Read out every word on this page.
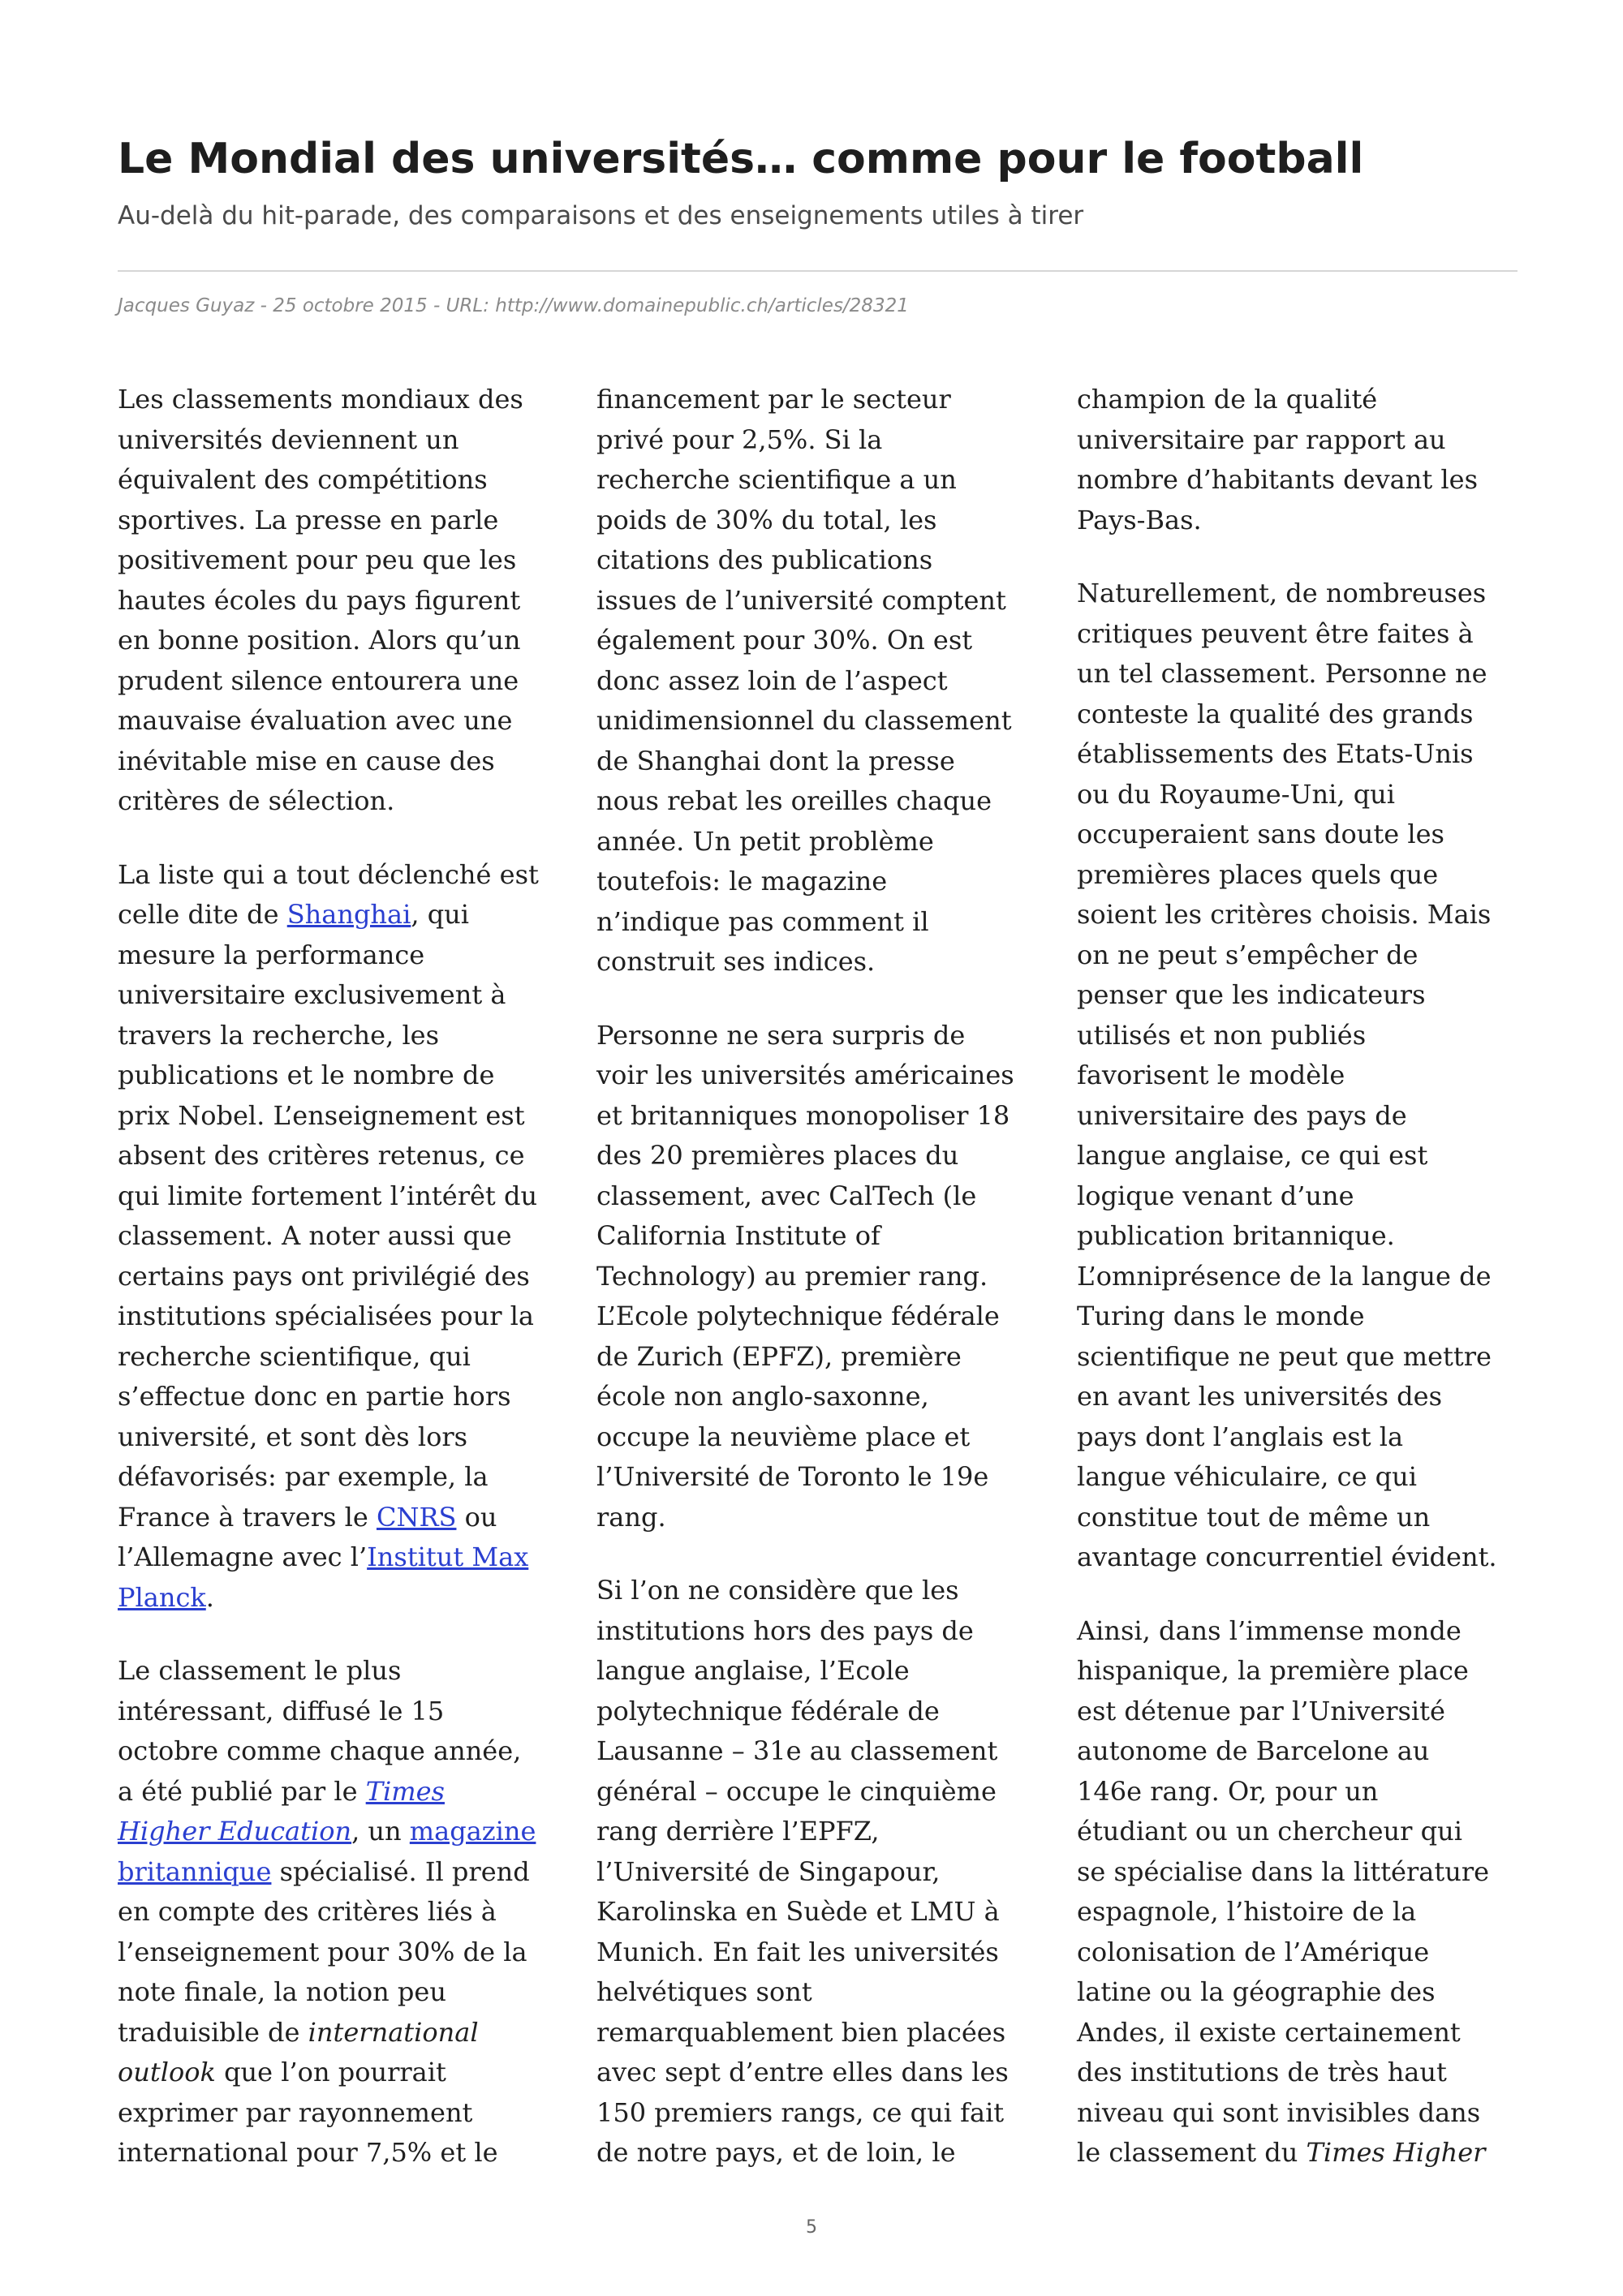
Le Mondial des universités… comme pour le football
Au-delà du hit-parade, des comparaisons et des enseignements utiles à tirer
Jacques Guyaz - 25 octobre 2015 - URL: http://www.domainepublic.ch/articles/28321

Les classements mondiaux des
universités deviennent un
équivalent des compétitions
sportives. La presse en parle
positivement pour peu que les
hautes écoles du pays figurent
en bonne position. Alors qu’un
prudent silence entourera une
mauvaise évaluation avec une
inévitable mise en cause des
critères de sélection.

La liste qui a tout déclenché est
celle dite de Shanghai, qui
mesure la performance
universitaire exclusivement à
travers la recherche, les
publications et le nombre de
prix Nobel. L’enseignement est
absent des critères retenus, ce
qui limite fortement l’intérêt du
classement. A noter aussi que
certains pays ont privilégié des
institutions spécialisées pour la
recherche scientifique, qui
s’effectue donc en partie hors
université, et sont dès lors
défavorisés: par exemple, la
France à travers le CNRS ou
l’Allemagne avec l’Institut Max
Planck.

Le classement le plus
intéressant, diffusé le 15
octobre comme chaque année,
a été publié par le Times
Higher Education, un magazine
britannique spécialisé. Il prend
en compte des critères liés à
l’enseignement pour 30% de la
note finale, la notion peu
traduisible de international
outlook que l’on pourrait
exprimer par rayonnement
international pour 7,5% et le

financement par le secteur
privé pour 2,5%. Si la
recherche scientifique a un
poids de 30% du total, les
citations des publications
issues de l’université comptent
également pour 30%. On est
donc assez loin de l’aspect
unidimensionnel du classement
de Shanghai dont la presse
nous rebat les oreilles chaque
année. Un petit problème
toutefois: le magazine
n’indique pas comment il
construit ses indices.

Personne ne sera surpris de
voir les universités américaines
et britanniques monopoliser 18
des 20 premières places du
classement, avec CalTech (le
California Institute of
Technology) au premier rang.
L’Ecole polytechnique fédérale
de Zurich (EPFZ), première
école non anglo-saxonne,
occupe la neuvième place et
l’Université de Toronto le 19e
rang.

Si l’on ne considère que les
institutions hors des pays de
langue anglaise, l’Ecole
polytechnique fédérale de
Lausanne – 31e au classement
général – occupe le cinquième
rang derrière l’EPFZ,
l’Université de Singapour,
Karolinska en Suède et LMU à
Munich. En fait les universités
helvétiques sont
remarquablement bien placées
avec sept d’entre elles dans les
150 premiers rangs, ce qui fait
de notre pays, et de loin, le

champion de la qualité
universitaire par rapport au
nombre d’habitants devant les
Pays-Bas.

Naturellement, de nombreuses
critiques peuvent être faites à
un tel classement. Personne ne
conteste la qualité des grands
établissements des Etats-Unis
ou du Royaume-Uni, qui
occuperaient sans doute les
premières places quels que
soient les critères choisis. Mais
on ne peut s’empêcher de
penser que les indicateurs
utilisés et non publiés
favorisent le modèle
universitaire des pays de
langue anglaise, ce qui est
logique venant d’une
publication britannique.
L’omniprésence de la langue de
Turing dans le monde
scientifique ne peut que mettre
en avant les universités des
pays dont l’anglais est la
langue véhiculaire, ce qui
constitue tout de même un
avantage concurrentiel évident.

Ainsi, dans l’immense monde
hispanique, la première place
est détenue par l’Université
autonome de Barcelone au
146e rang. Or, pour un
étudiant ou un chercheur qui
se spécialise dans la littérature
espagnole, l’histoire de la
colonisation de l’Amérique
latine ou la géographie des
Andes, il existe certainement
des institutions de très haut
niveau qui sont invisibles dans
le classement du Times Higher

5
